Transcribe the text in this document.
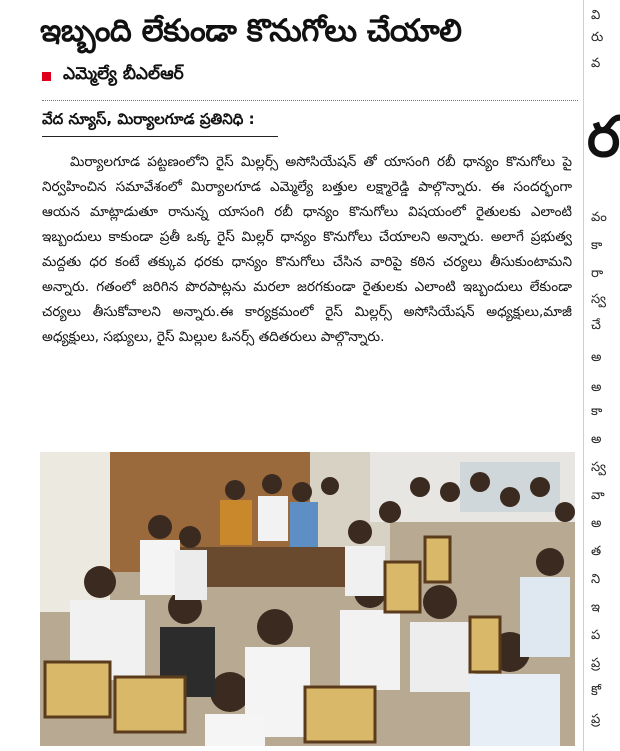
ఇబ్బంది లేకుండా కొనుగోలు చేయాలి
ఎమ్మెల్యే బీఎల్ఆర్
వేద న్యూస్, మిర్యాలగూడ ప్రతినిధి :

మిర్యాలగూడ పట్టణంలోని రైస్ మిల్లర్స్ అసోసియేషన్ తో యాసంగి రబీ ధాన్యం కొనుగోలు పై నిర్వహించిన సమావేశంలో మిర్యాలగూడ ఎమ్మెల్యే బత్తుల లక్ష్మారెడ్డి పాల్గొన్నారు. ఈ సందర్భంగా ఆయన మాట్లాడుతూ రానున్న యాసంగి రబీ ధాన్యం కొనుగోలు విషయంలో రైతులకు ఎలాంటి ఇబ్బందులు కాకుండా ప్రతీ ఒక్క రైస్ మిల్లర్ ధాన్యం కొనుగోలు చేయాలని అన్నారు. అలాగే ప్రభుత్వ మద్దతు ధర కంటే తక్కువ ధరకు ధాన్యం కొనుగోలు చేసిన వారిపై కఠిన చర్యలు తీసుకుంటామని అన్నారు. గతంలో జరిగిన పొరపాట్లను మరలా జరగకుండా రైతులకు ఎలాంటి ఇబ్బందులు లేకుండా చర్యలు తీసుకోవాలని అన్నారు.ఈ కార్యక్రమంలో రైస్ మిల్లర్స్ అసోసియేషన్ అధ్యక్షులు,మాజీ అధ్యక్షులు, సభ్యులు, రైస్ మిల్లుల ఓనర్స్ తదితరులు పాల్గొన్నారు.

ర
వి
రు
వ
వం
కా
రా
స్వ
చే
అ
అ
కా
అ
స్వ
వా
అ
త
ని
ఇ
ప
ప్ర
కో
ప్ర
